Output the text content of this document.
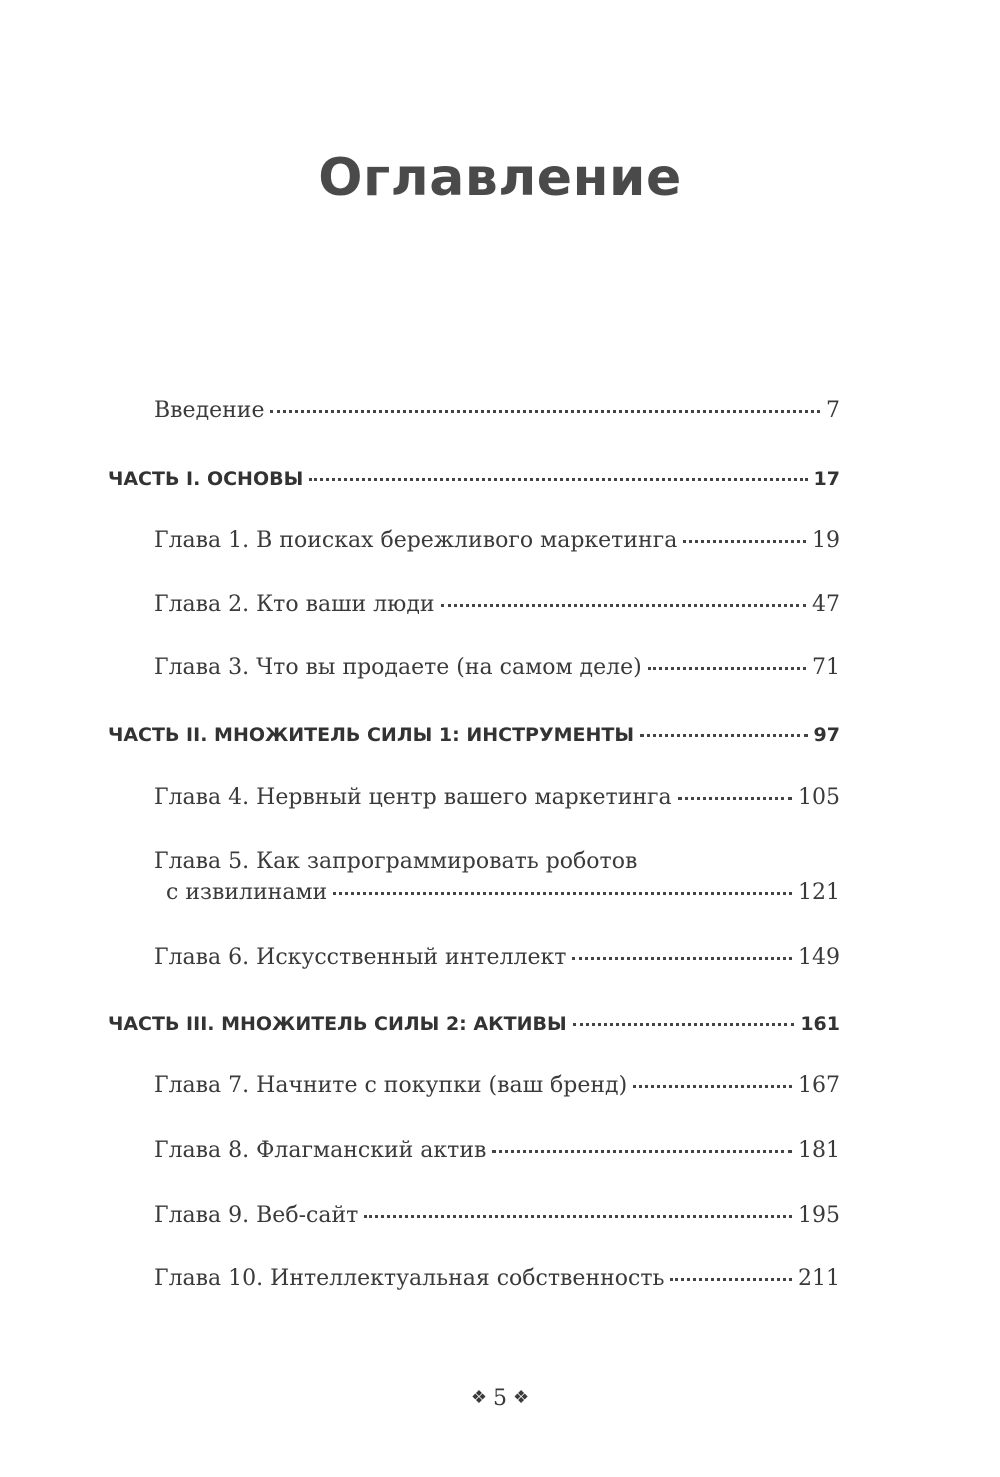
Оглавление
Введение	7
ЧАСТЬ I. ОСНОВЫ	17
Глава 1. В поисках бережливого маркетинга	19
Глава 2. Кто ваши люди	47
Глава 3. Что вы продаете (на самом деле)	71
ЧАСТЬ II. МНОЖИТЕЛЬ СИЛЫ 1: ИНСТРУМЕНТЫ	97
Глава 4. Нервный центр вашего маркетинга	105
Глава 5. Как запрограммировать роботов
с извилинами	121
Глава 6. Искусственный интеллект	149
ЧАСТЬ III. МНОЖИТЕЛЬ СИЛЫ 2: АКТИВЫ	161
Глава 7. Начните с покупки (ваш бренд)	167
Глава 8. Флагманский актив	181
Глава 9. Веб-сайт	195
Глава 10. Интеллектуальная собственность	211
❖ 5 ❖
